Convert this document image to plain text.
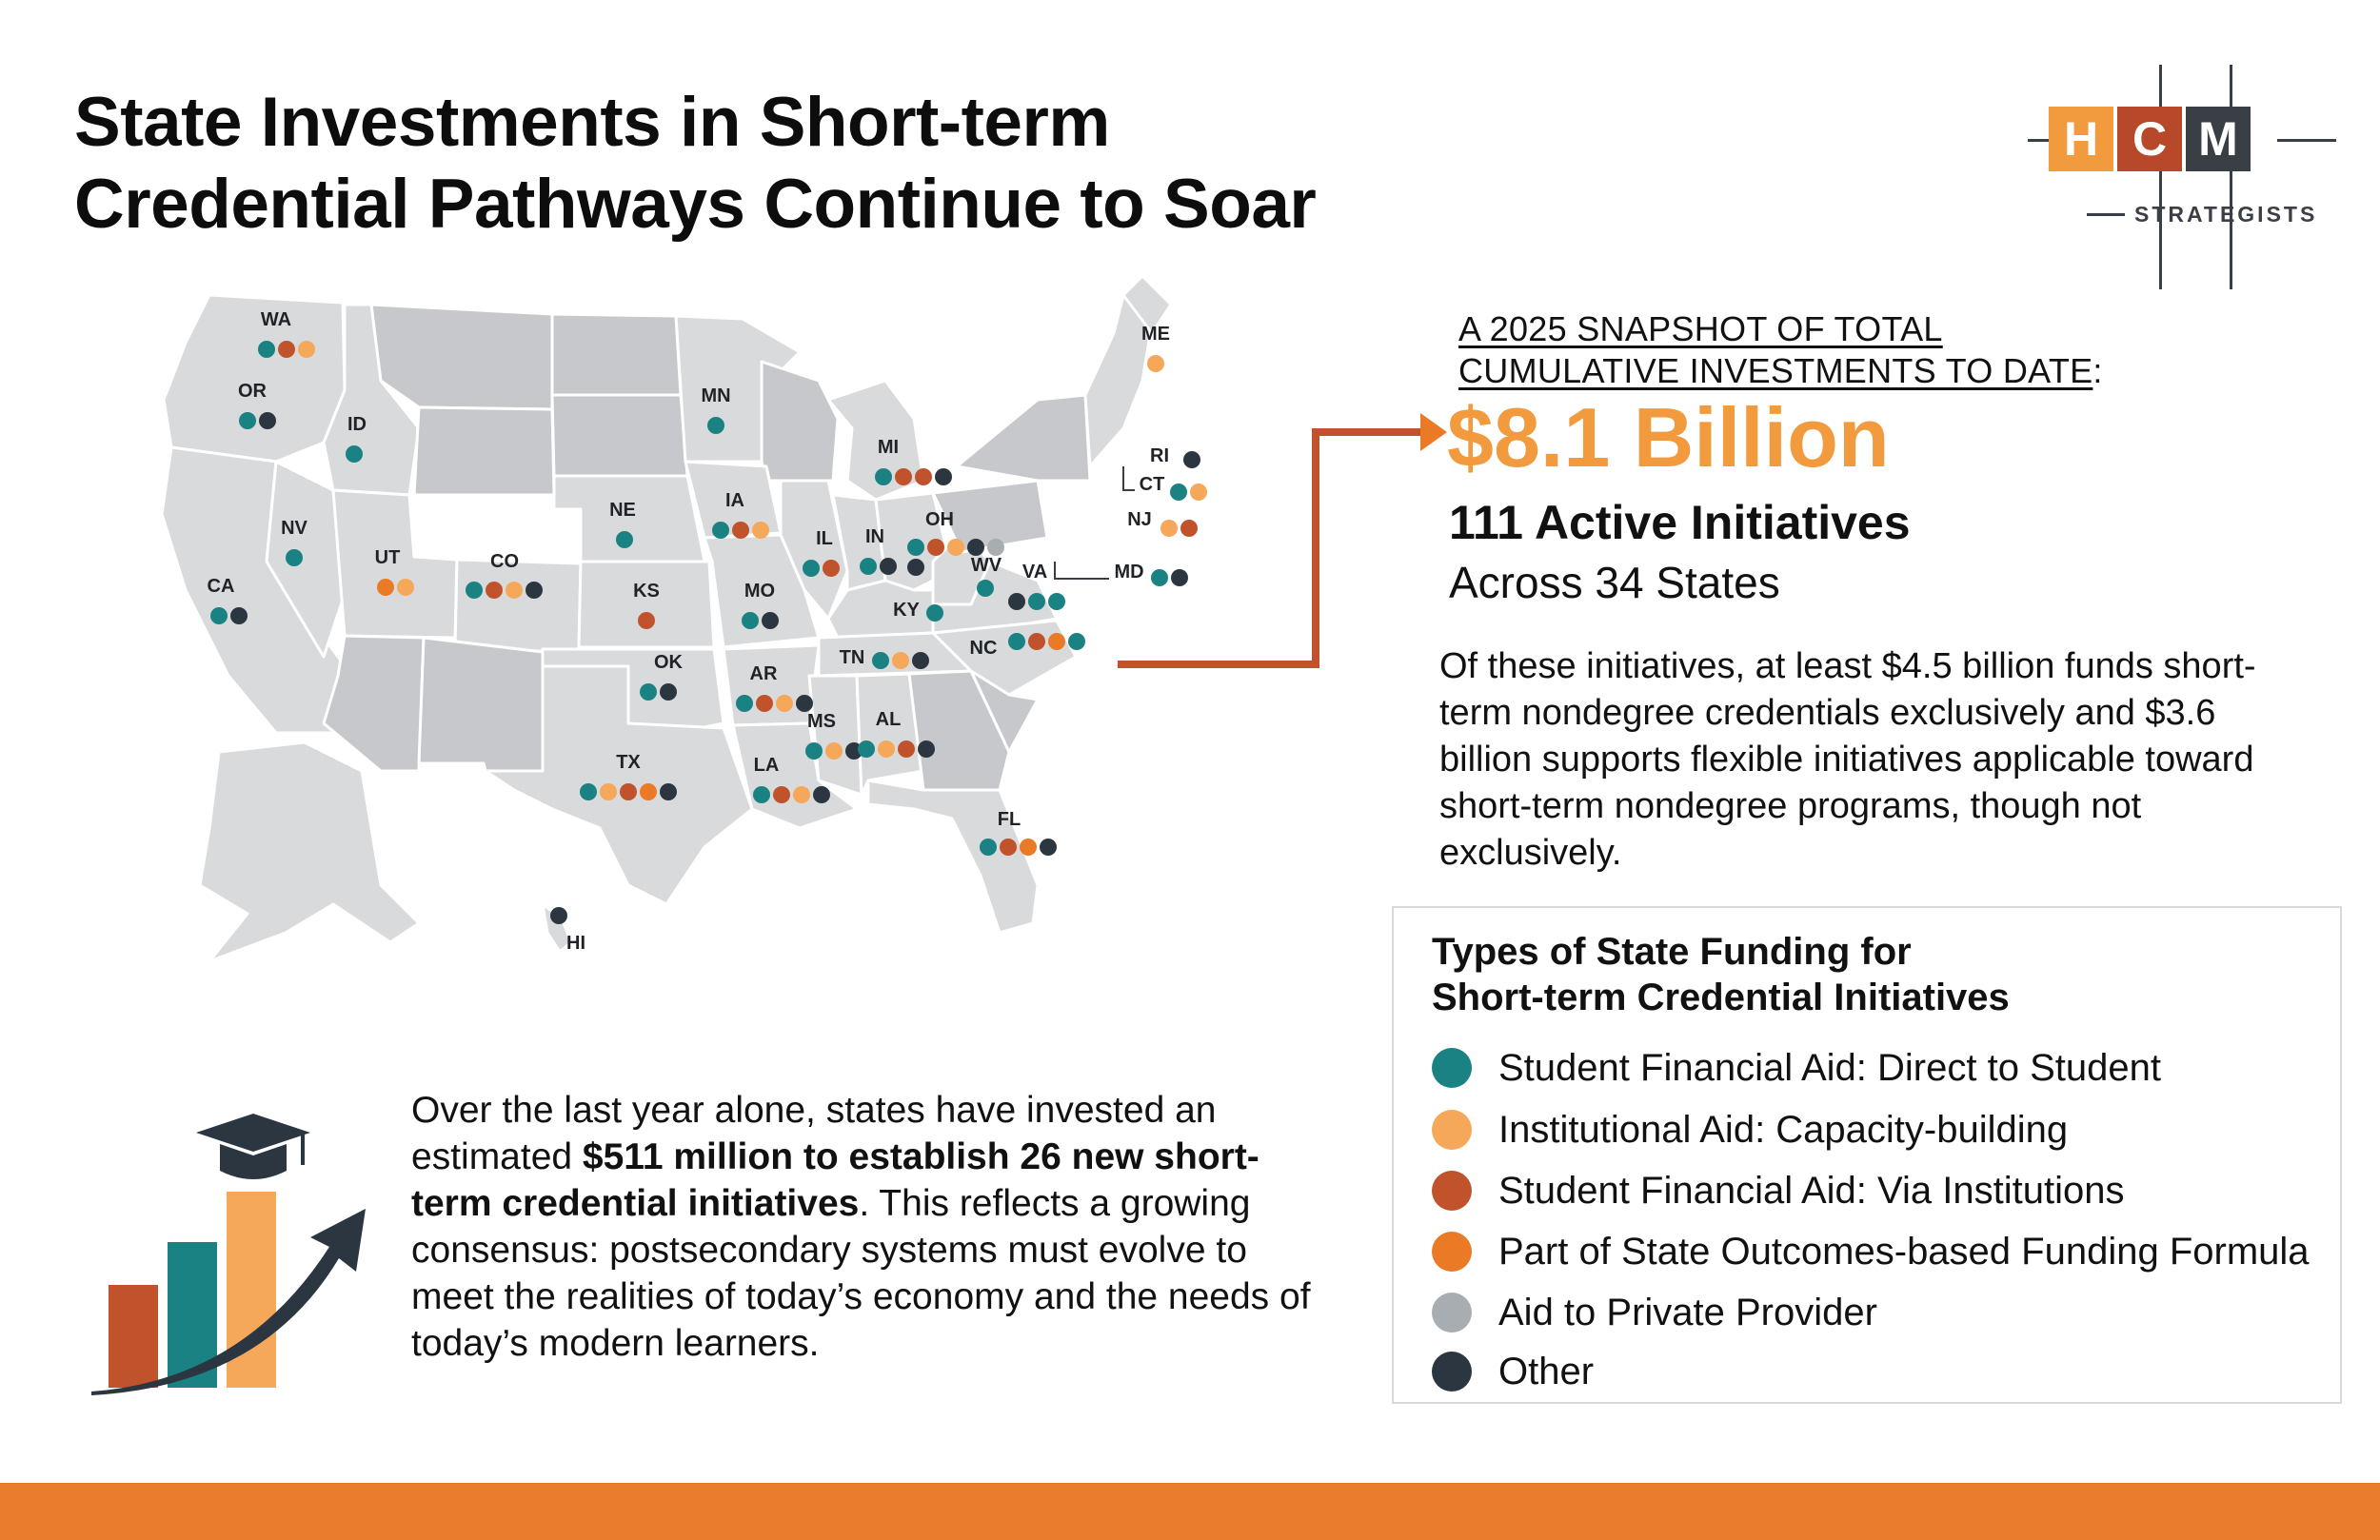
State Investments in Short-term
Credential Pathways Continue to Soar
H C M
STRATEGISTS
WA
OR
ID
NV
CA
UT	CO
MN
NE
KS
OK
TX
IA
MO
AR
LA
IL
MS AL
MI
IN
OH
KY
TN
WV VA
NC
FL
ME
RI
CT
NJ
MD
HI
A 2025 SNAPSHOT OF TOTAL
CUMULATIVE INVESTMENTS TO DATE:
$8.1 Billion
111 Active Initiatives
Across 34 States
Of these initiatives, at least $4.5 billion funds short-term nondegree credentials exclusively and $3.6 billion supports flexible initiatives applicable toward short-term nondegree programs, though not exclusively.
Types of State Funding for
Short-term Credential Initiatives
Student Financial Aid: Direct to Student
Institutional Aid: Capacity-building
Student Financial Aid: Via Institutions
Part of State Outcomes-based Funding Formula
Aid to Private Provider
Other
Over the last year alone, states have invested an estimated $511 million to establish 26 new short-term credential initiatives. This reflects a growing consensus: postsecondary systems must evolve to meet the realities of today’s economy and the needs of today’s modern learners.
